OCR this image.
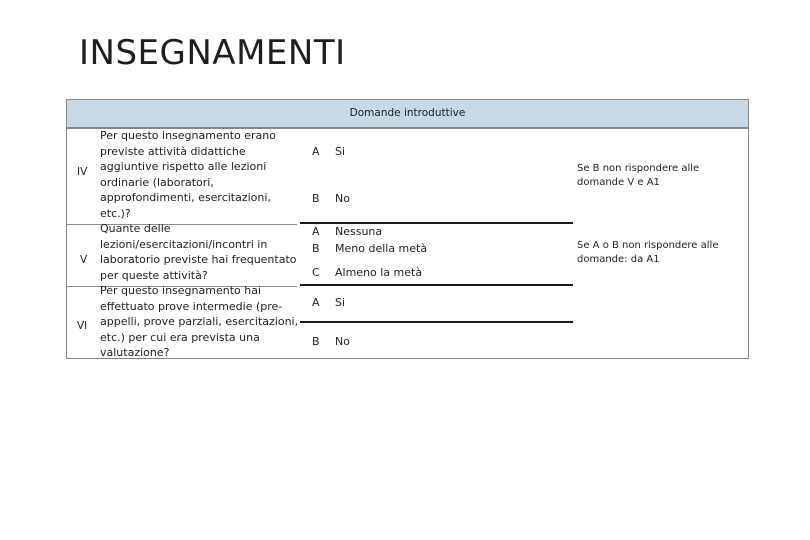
INSEGNAMENTI
Domande introduttive
IV
Per questo insegnamento erano previste attività didattiche aggiuntive rispetto alle lezioni ordinarie (laboratori, approfondimenti, esercitazioni, etc.)?
A Si
B No
Se B non rispondere alle domande V e A1
V
Quante delle lezioni/esercitazioni/incontri in laboratorio previste hai frequentato per queste attività?
A Nessuna
B Meno della metà
C Almeno la metà
Se A o B non rispondere alle domande: da A1
VI
Per questo insegnamento hai effettuato prove intermedie (pre-appelli, prove parziali, esercitazioni, etc.) per cui era prevista una valutazione?
A Si
B No
